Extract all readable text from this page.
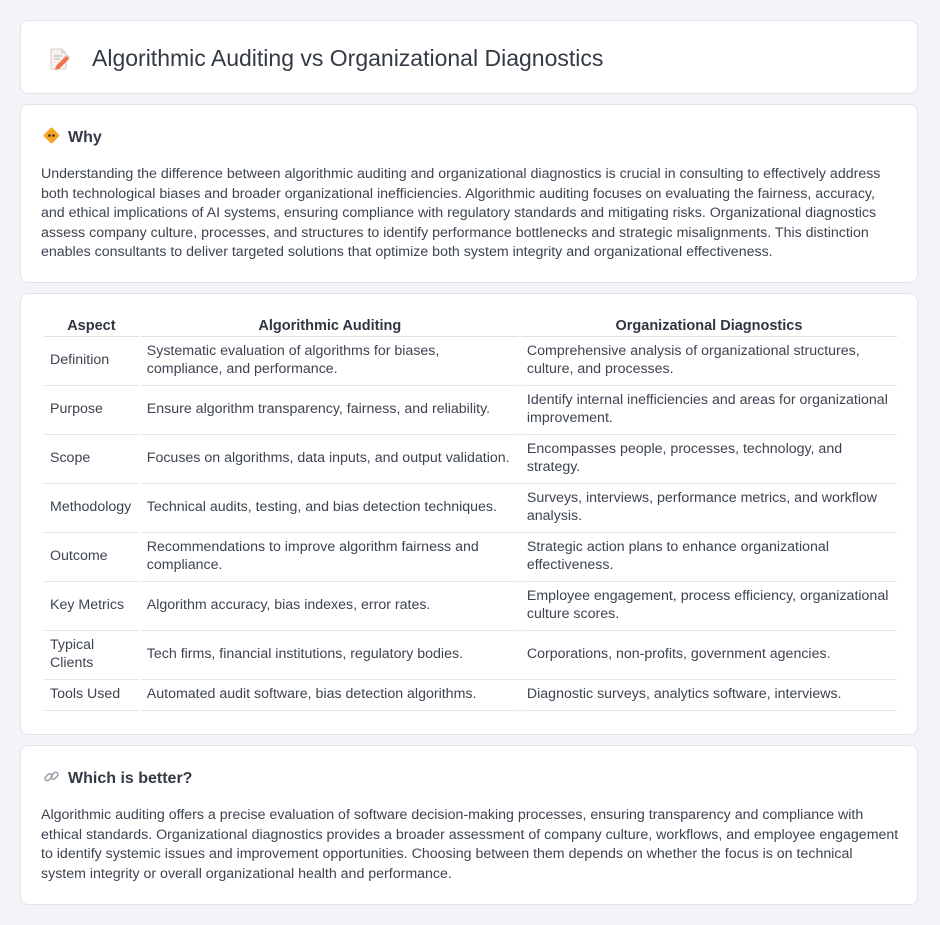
Algorithmic Auditing vs Organizational Diagnostics
Why

Understanding the difference between algorithmic auditing and organizational diagnostics is crucial in consulting to effectively address both technological biases and broader organizational inefficiencies. Algorithmic auditing focuses on evaluating the fairness, accuracy, and ethical implications of AI systems, ensuring compliance with regulatory standards and mitigating risks. Organizational diagnostics assess company culture, processes, and structures to identify performance bottlenecks and strategic misalignments. This distinction enables consultants to deliver targeted solutions that optimize both system integrity and organizational effectiveness.

Aspect	Algorithmic Auditing	Organizational Diagnostics
Definition	Systematic evaluation of algorithms for biases, compliance, and performance.	Comprehensive analysis of organizational structures, culture, and processes.
Purpose	Ensure algorithm transparency, fairness, and reliability.	Identify internal inefficiencies and areas for organizational improvement.
Scope	Focuses on algorithms, data inputs, and output validation.	Encompasses people, processes, technology, and strategy.
Methodology	Technical audits, testing, and bias detection techniques.	Surveys, interviews, performance metrics, and workflow analysis.
Outcome	Recommendations to improve algorithm fairness and compliance.	Strategic action plans to enhance organizational effectiveness.
Key Metrics	Algorithm accuracy, bias indexes, error rates.	Employee engagement, process efficiency, organizational culture scores.
Typical Clients	Tech firms, financial institutions, regulatory bodies.	Corporations, non-profits, government agencies.
Tools Used	Automated audit software, bias detection algorithms.	Diagnostic surveys, analytics software, interviews.
Which is better?

Algorithmic auditing offers a precise evaluation of software decision-making processes, ensuring transparency and compliance with ethical standards. Organizational diagnostics provides a broader assessment of company culture, workflows, and employee engagement to identify systemic issues and improvement opportunities. Choosing between them depends on whether the focus is on technical system integrity or overall organizational health and performance.
